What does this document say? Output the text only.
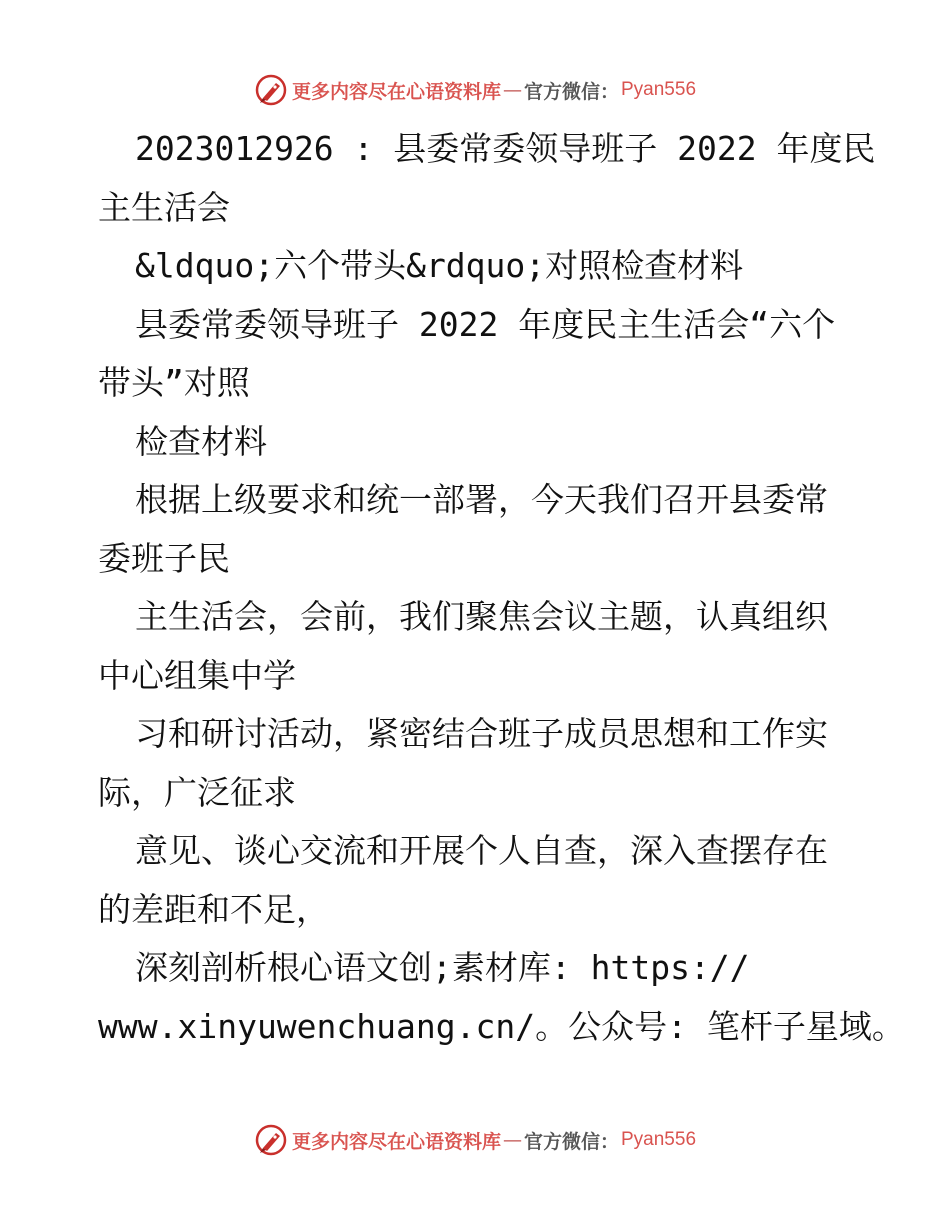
更多内容尽在心语资料库 — 官方微信： Pyan556
2023012926 : 县委常委领导班子 2022 年度民
主生活会
&ldquo;六个带头&rdquo;对照检查材料
县委常委领导班子 2022 年度民主生活会“六个
带头”对照
检查材料
根据上级要求和统一部署，今天我们召开县委常
委班子民
主生活会，会前，我们聚焦会议主题，认真组织
中心组集中学
习和研讨活动，紧密结合班子成员思想和工作实
际，广泛征求
意见、谈心交流和开展个人自查，深入查摆存在
的差距和不足，
深刻剖析根心语文创;素材库: https://
www.xinyuwenchuang.cn/。公众号: 笔杆子星域。
更多内容尽在心语资料库 — 官方微信： Pyan556
